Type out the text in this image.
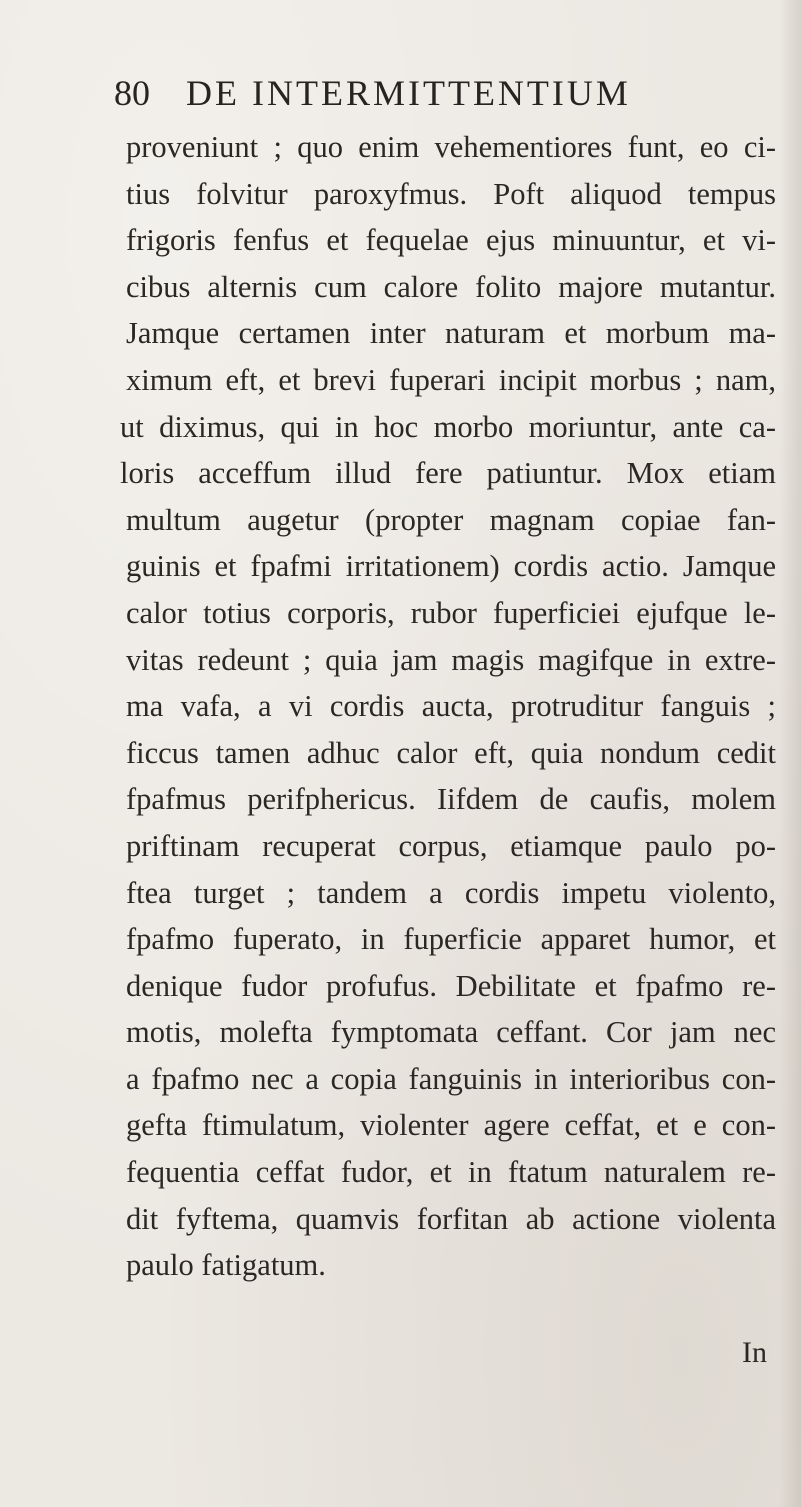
80 DE INTERMITTENTIUM
proveniunt ; quo enim vehementiores funt, eo ci-
tius folvitur paroxyfmus. Poft aliquod tempus
frigoris fenfus et fequelae ejus minuuntur, et vi-
cibus alternis cum calore folito majore mutantur.
Jamque certamen inter naturam et morbum ma-
ximum eft, et brevi fuperari incipit morbus ; nam,
ut diximus, qui in hoc morbo moriuntur, ante ca-
loris acceffum illud fere patiuntur. Mox etiam
multum augetur (propter magnam copiae fan-
guinis et fpafmi irritationem) cordis actio. Jamque
calor totius corporis, rubor fuperficiei ejufque le-
vitas redeunt ; quia jam magis magifque in extre-
ma vafa, a vi cordis aucta, protruditur fanguis ;
ficcus tamen adhuc calor eft, quia nondum cedit
fpafmus perifphericus. Iifdem de caufis, molem
priftinam recuperat corpus, etiamque paulo po-
ftea turget ; tandem a cordis impetu violento,
fpafmo fuperato, in fuperficie apparet humor, et
denique fudor profufus. Debilitate et fpafmo re-
motis, molefta fymptomata ceffant. Cor jam nec
a fpafmo nec a copia fanguinis in interioribus con-
gefta ftimulatum, violenter agere ceffat, et e con-
fequentia ceffat fudor, et in ftatum naturalem re-
dit fyftema, quamvis forfitan ab actione violenta
paulo fatigatum.
In
